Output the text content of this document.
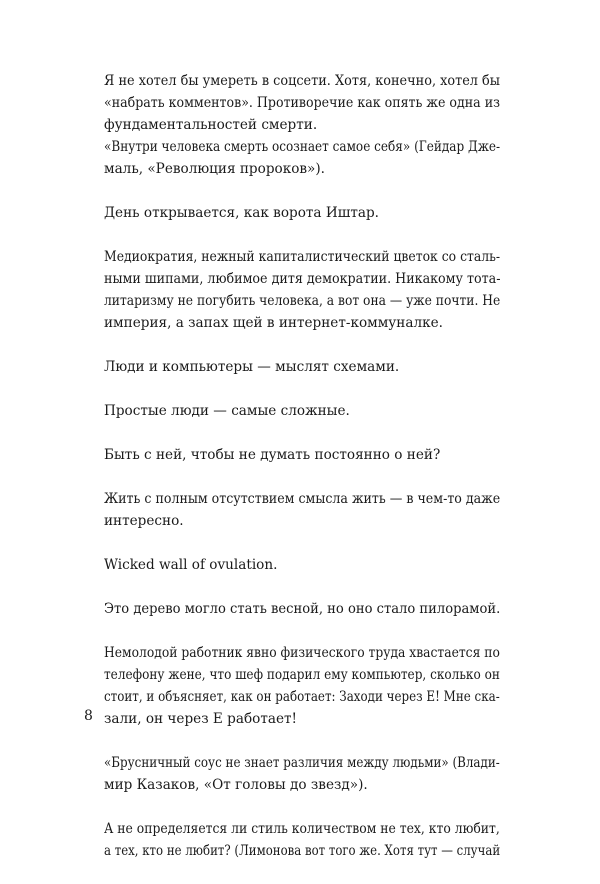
Я не хотел бы умереть в соцсети. Хотя, конечно, хотел бы
«набрать комментов». Противоречие как опять же одна из
фундаментальностей смерти.
«Внутри человека смерть осознает самое себя» (Гейдар Дже-
маль, «Революция пророков»).

День открывается, как ворота Иштар.

Медиократия, нежный капиталистический цветок со сталь-
ными шипами, любимое дитя демократии. Никакому тота-
литаризму не погубить человека, а вот она — уже почти. Не
империя, а запах щей в интернет-коммуналке.

Люди и компьютеры — мыслят схемами.

Простые люди — самые сложные.

Быть с ней, чтобы не думать постоянно о ней?

Жить с полным отсутствием смысла жить — в чем-то даже
интересно.

Wicked wall of ovulation.

Это дерево могло стать весной, но оно стало пилорамой.

Немолодой работник явно физического труда хвастается по
телефону жене, что шеф подарил ему компьютер, сколько он
стоит, и объясняет, как он работает: Заходи через Е! Мне ска-
зали, он через Е работает!

«Брусничный соус не знает различия между людьми» (Влади-
мир Казаков, «От головы до звезд»).

А не определяется ли стиль количеством не тех, кто любит,
а тех, кто не любит? (Лимонова вот того же. Хотя тут — случай

8
